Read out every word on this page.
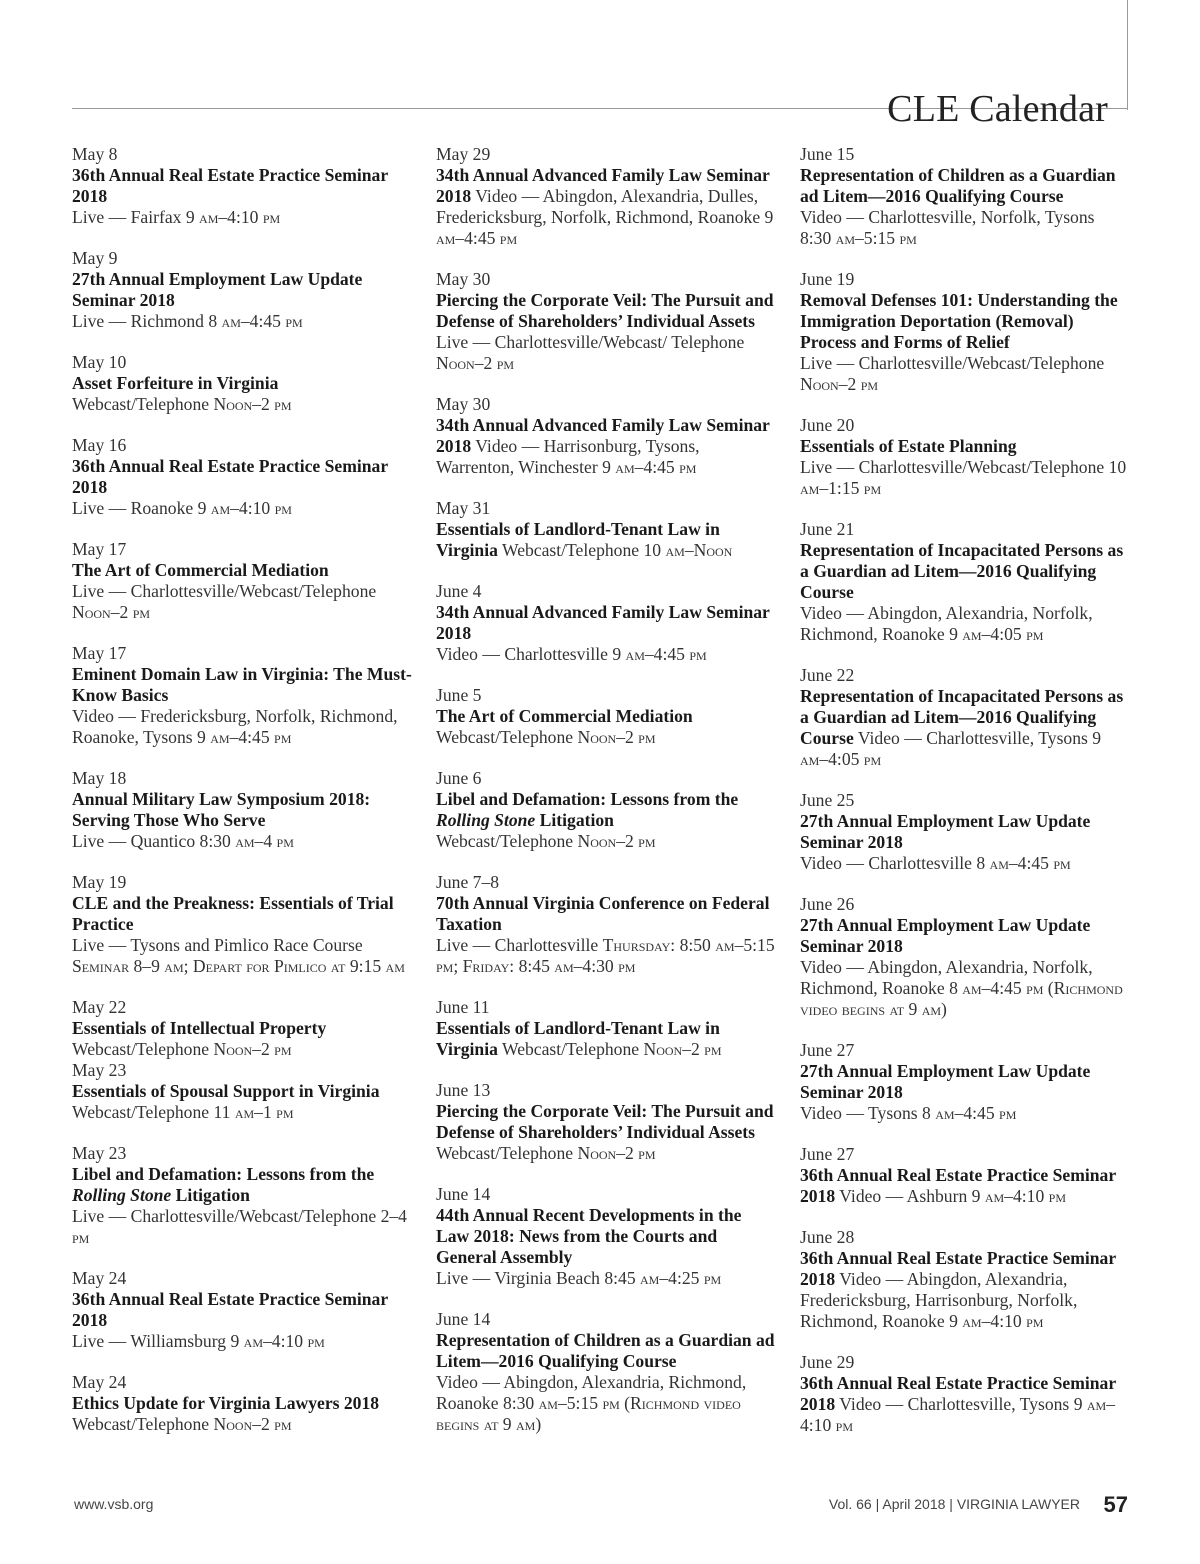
CLE Calendar
May 8
36th Annual Real Estate Practice Seminar 2018
Live — Fairfax 9 am–4:10 pm
May 9
27th Annual Employment Law Update Seminar 2018
Live — Richmond 8 am–4:45 pm
May 10
Asset Forfeiture in Virginia
Webcast/Telephone Noon–2 pm
May 16
36th Annual Real Estate Practice Seminar 2018
Live — Roanoke 9 am–4:10 pm
May 17
The Art of Commercial Mediation
Live — Charlottesville/Webcast/Telephone Noon–2 pm
May 17
Eminent Domain Law in Virginia: The Must-Know Basics
Video — Fredericksburg, Norfolk, Richmond, Roanoke, Tysons 9 am–4:45 pm
May 18
Annual Military Law Symposium 2018: Serving Those Who Serve
Live — Quantico 8:30 am–4 pm
May 19
CLE and the Preakness: Essentials of Trial Practice
Live — Tysons and Pimlico Race Course Seminar 8–9 am; Depart for Pimlico at 9:15 am
May 22
Essentials of Intellectual Property
Webcast/Telephone Noon–2 pm
May 23
Essentials of Spousal Support in Virginia
Webcast/Telephone 11 am–1 pm
May 23
Libel and Defamation: Lessons from the Rolling Stone Litigation
Live — Charlottesville/Webcast/Telephone 2–4 pm
May 24
36th Annual Real Estate Practice Seminar 2018
Live — Williamsburg 9 am–4:10 pm
May 24
Ethics Update for Virginia Lawyers 2018
Webcast/Telephone Noon–2 pm
May 29
34th Annual Advanced Family Law Seminar 2018 Video — Abingdon, Alexandria, Dulles, Fredericksburg, Norfolk, Richmond, Roanoke 9 am–4:45 pm
May 30
Piercing the Corporate Veil: The Pursuit and Defense of Shareholders’ Individual Assets Live — Charlottesville/Webcast/ Telephone Noon–2 pm
May 30
34th Annual Advanced Family Law Seminar 2018 Video — Harrisonburg, Tysons, Warrenton, Winchester 9 am–4:45 pm
May 31
Essentials of Landlord-Tenant Law in Virginia Webcast/Telephone 10 am–Noon
June 4
34th Annual Advanced Family Law Seminar 2018
Video — Charlottesville 9 am–4:45 pm
June 5
The Art of Commercial Mediation
Webcast/Telephone Noon–2 pm
June 6
Libel and Defamation: Lessons from the Rolling Stone Litigation
Webcast/Telephone Noon–2 pm
June 7–8
70th Annual Virginia Conference on Federal Taxation
Live — Charlottesville Thursday: 8:50 am–5:15 pm; Friday: 8:45 am–4:30 pm
June 11
Essentials of Landlord-Tenant Law in Virginia Webcast/Telephone Noon–2 pm
June 13
Piercing the Corporate Veil: The Pursuit and Defense of Shareholders’ Individual Assets Webcast/Telephone Noon–2 pm
June 14
44th Annual Recent Developments in the Law 2018: News from the Courts and General Assembly
Live — Virginia Beach 8:45 am–4:25 pm
June 14
Representation of Children as a Guardian ad Litem—2016 Qualifying Course
Video — Abingdon, Alexandria, Richmond, Roanoke 8:30 am–5:15 pm (Richmond video begins at 9 am)
June 15
Representation of Children as a Guardian ad Litem—2016 Qualifying Course
Video — Charlottesville, Norfolk, Tysons 8:30 am–5:15 pm
June 19
Removal Defenses 101: Understanding the Immigration Deportation (Removal) Process and Forms of Relief
Live — Charlottesville/Webcast/Telephone Noon–2 pm
June 20
Essentials of Estate Planning
Live — Charlottesville/Webcast/Telephone 10 am–1:15 pm
June 21
Representation of Incapacitated Persons as a Guardian ad Litem—2016 Qualifying Course
Video — Abingdon, Alexandria, Norfolk, Richmond, Roanoke 9 am–4:05 pm
June 22
Representation of Incapacitated Persons as a Guardian ad Litem—2016 Qualifying Course Video — Charlottesville, Tysons 9 am–4:05 pm
June 25
27th Annual Employment Law Update Seminar 2018
Video — Charlottesville 8 am–4:45 pm
June 26
27th Annual Employment Law Update Seminar 2018
Video — Abingdon, Alexandria, Norfolk, Richmond, Roanoke 8 am–4:45 pm (Richmond video begins at 9 am)
June 27
27th Annual Employment Law Update Seminar 2018
Video — Tysons 8 am–4:45 pm
June 27
36th Annual Real Estate Practice Seminar 2018 Video — Ashburn 9 am–4:10 pm
June 28
36th Annual Real Estate Practice Seminar 2018 Video — Abingdon, Alexandria, Fredericksburg, Harrisonburg, Norfolk, Richmond, Roanoke 9 am–4:10 pm
June 29
36th Annual Real Estate Practice Seminar 2018 Video — Charlottesville, Tysons 9 am–4:10 pm
www.vsb.org	Vol. 66 | April 2018 | VIRGINIA LAWYER 57
